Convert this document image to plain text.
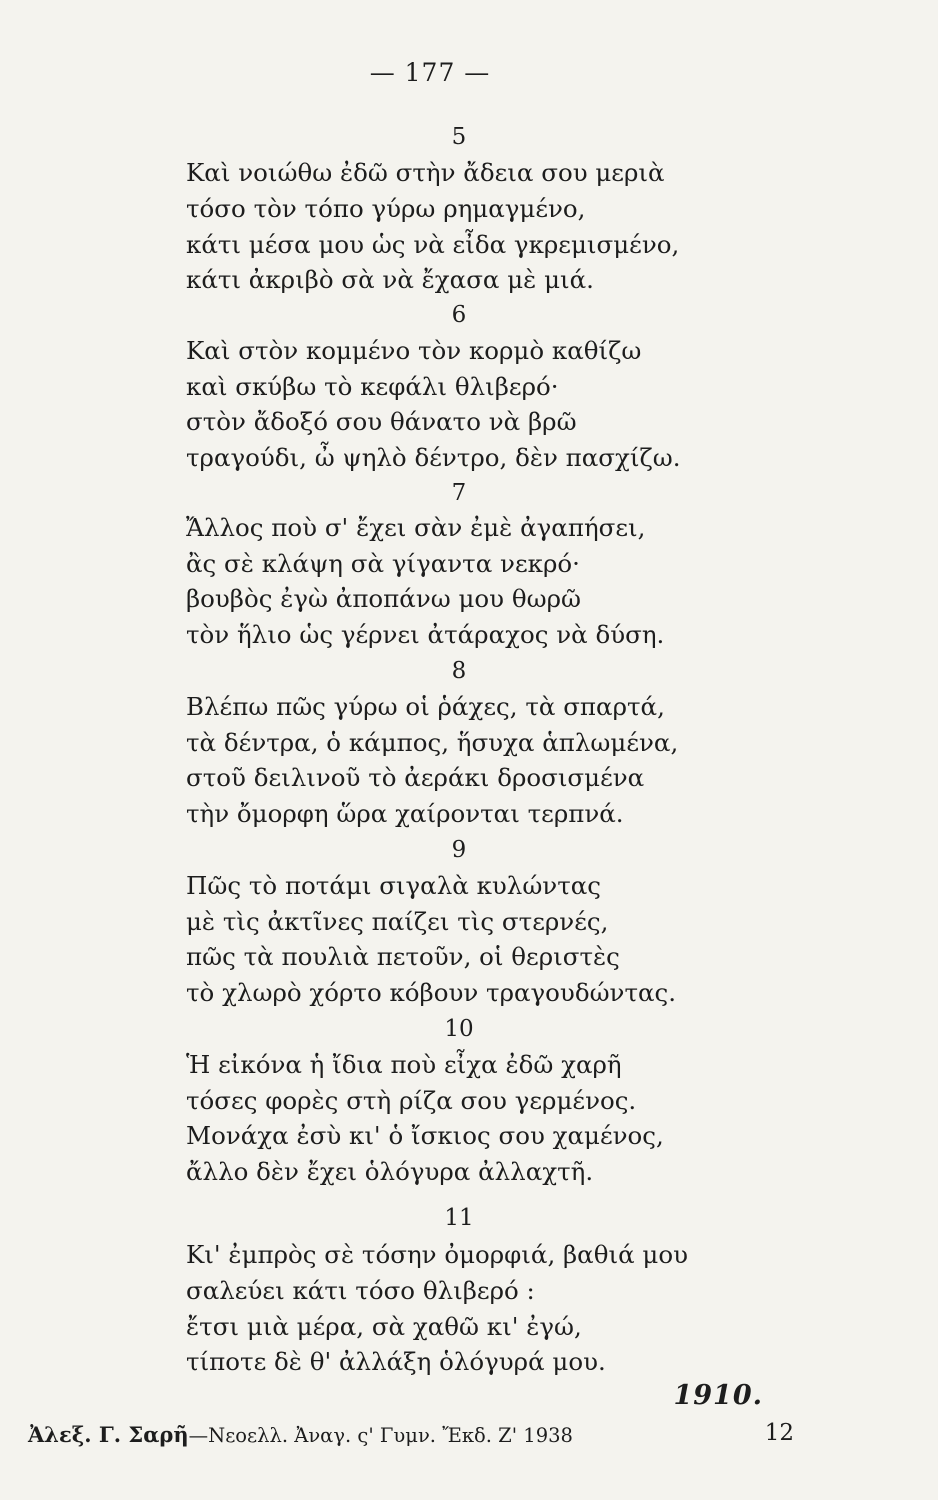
— 177 —
5
Καὶ νοιώθω ἐδῶ στὴν ἄδεια σου μεριὰ
τόσο τὸν τόπο γύρω ρημαγμένο,
κάτι μέσα μου ὡς νὰ εἶδα γκρεμισμένο,
κάτι ἀκριβὸ σὰ νὰ ἔχασα μὲ μιά.
6
Καὶ στὸν κομμένο τὸν κορμὸ καθίζω
καὶ σκύβω τὸ κεφάλι θλιβερό·
στὸν ἄδοξό σου θάνατο νὰ βρῶ
τραγούδι, ὦ ψηλὸ δέντρο, δὲν πασχίζω.
7
Ἄλλος ποὺ σ' ἔχει σὰν ἐμὲ ἀγαπήσει,
ἂς σὲ κλάψη σὰ γίγαντα νεκρό·
βουβὸς ἐγὼ ἀποπάνω μου θωρῶ
τὸν ἥλιο ὡς γέρνει ἀτάραχος νὰ δύση.
8
Βλέπω πῶς γύρω οἱ ῥάχες, τὰ σπαρτά,
τὰ δέντρα, ὁ κάμπος, ἥσυχα ἁπλωμένα,
στοῦ δειλινοῦ τὸ ἀεράκι δροσισμένα
τὴν ὄμορφη ὥρα χαίρονται τερπνά.
9
Πῶς τὸ ποτάμι σιγαλὰ κυλώντας
μὲ τὶς ἀκτῖνες παίζει τὶς στερνές,
πῶς τὰ πουλιὰ πετοῦν, οἱ θεριστὲς
τὸ χλωρὸ χόρτο κόβουν τραγουδώντας.
10
Ἡ εἰκόνα ἡ ἴδια ποὺ εἶχα ἐδῶ χαρῆ
τόσες φορὲς στὴ ρίζα σου γερμένος.
Μονάχα ἐσὺ κι' ὁ ἴσκιος σου χαμένος,
ἄλλο δὲν ἔχει ὁλόγυρα ἀλλαχτῆ.
11
Κι' ἐμπρὸς σὲ τόσην ὀμορφιά, βαθιά μου
σαλεύει κάτι τόσο θλιβερό :
ἔτσι μιὰ μέρα, σὰ χαθῶ κι' ἐγώ,
τίποτε δὲ θ' ἀλλάξη ὁλόγυρά μου.
1910.
Ἀλεξ. Γ. Σαρῆ—Νεοελλ. Ἀναγ. ς' Γυμν. Ἔκδ. Ζ' 1938	12
